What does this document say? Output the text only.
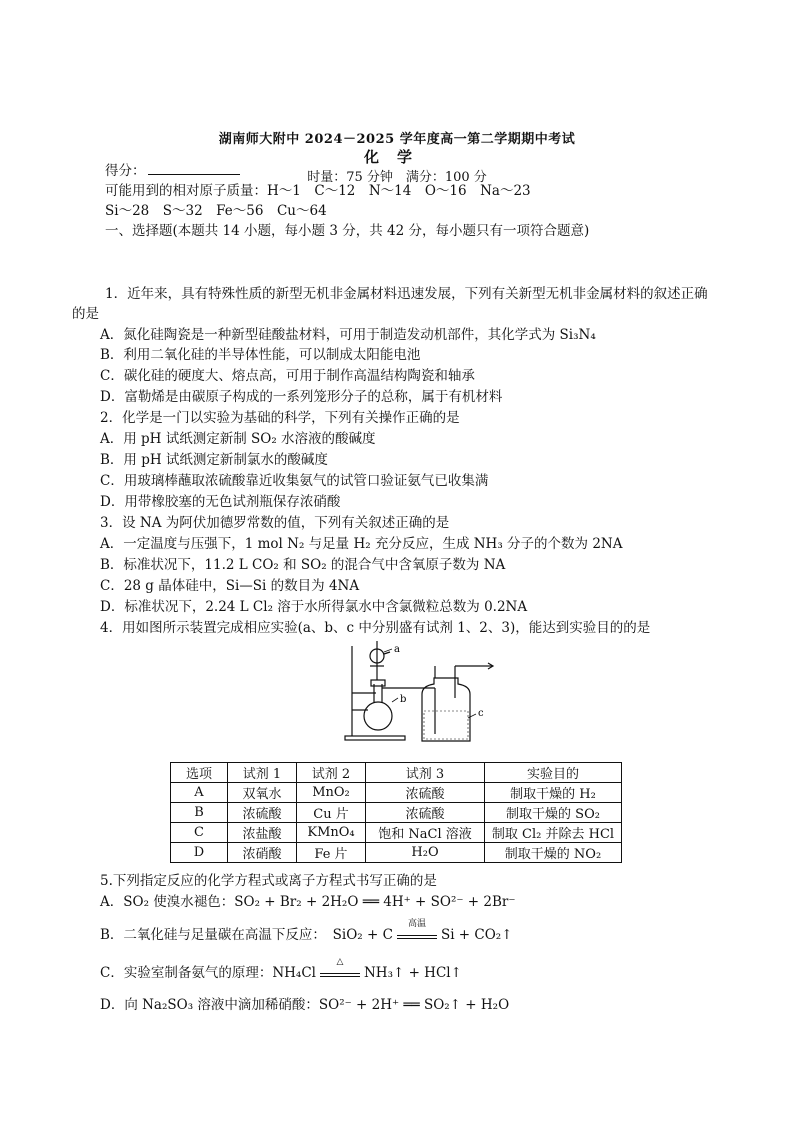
湖南师大附中 2024－2025 学年度高一第二学期期中考试
化学
时量：75 分钟　满分：100 分
得分：
可能用到的相对原子质量：H～1　C～12　N～14　O～16　Na～23
Si～28　S～32　Fe～56　Cu～64
一、选择题(本题共 14 小题，每小题 3 分，共 42 分，每小题只有一项符合题意)
1．近年来，具有特殊性质的新型无机非金属材料迅速发展，下列有关新型无机非金属材料的叙述正确
的是
A．氮化硅陶瓷是一种新型硅酸盐材料，可用于制造发动机部件，其化学式为 Si₃N₄
B．利用二氧化硅的半导体性能，可以制成太阳能电池
C．碳化硅的硬度大、熔点高，可用于制作高温结构陶瓷和轴承
D．富勒烯是由碳原子构成的一系列笼形分子的总称，属于有机材料
2．化学是一门以实验为基础的科学，下列有关操作正确的是
A．用 pH 试纸测定新制 SO₂ 水溶液的酸碱度
B．用 pH 试纸测定新制氯水的酸碱度
C．用玻璃棒蘸取浓硫酸靠近收集氨气的试管口验证氨气已收集满
D．用带橡胶塞的无色试剂瓶保存浓硝酸
3．设 NA 为阿伏加德罗常数的值，下列有关叙述正确的是
A．一定温度与压强下，1 mol N₂ 与足量 H₂ 充分反应，生成 NH₃ 分子的个数为 2NA
B．标准状况下，11.2 L CO₂ 和 SO₂ 的混合气中含氧原子数为 NA
C．28 g 晶体硅中，Si—Si 的数目为 4NA
D．标准状况下，2.24 L Cl₂ 溶于水所得氯水中含氯微粒总数为 0.2NA
4．用如图所示装置完成相应实验(a、b、c 中分别盛有试剂 1、2、3)，能达到实验目的的是
a
b
c
选项	试剂 1	试剂 2	试剂 3	实验目的
A	双氧水	MnO₂	浓硫酸	制取干燥的 H₂
B	浓硫酸	Cu 片	浓硫酸	制取干燥的 SO₂
C	浓盐酸	KMnO₄	饱和 NaCl 溶液	制取 Cl₂ 并除去 HCl
D	浓硝酸	Fe 片	H₂O	制取干燥的 NO₂
5.下列指定反应的化学方程式或离子方程式书写正确的是
A．SO₂ 使溴水褪色：SO₂ + Br₂ + 2H₂O ══ 4H⁺ + SO²⁻ + 2Br⁻
B．二氧化硅与足量碳在高温下反应：　SiO₂ + C
高温
Si + CO₂↑
C．实验室制备氨气的原理：NH₄Cl
△
NH₃↑ + HCl↑
D．向 Na₂SO₃ 溶液中滴加稀硝酸：SO²⁻ + 2H⁺ ══ SO₂↑ + H₂O
